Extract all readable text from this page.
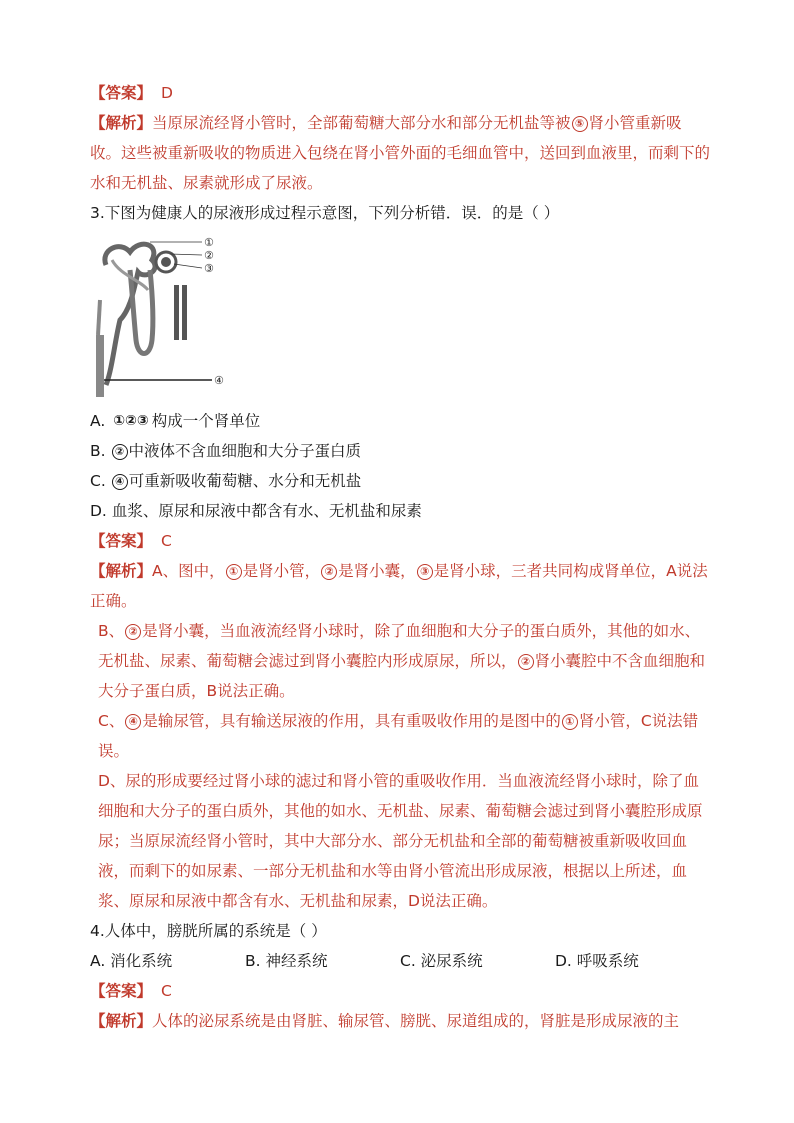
【答案】 D

【解析】当原尿流经肾小管时，全部葡萄糖大部分水和部分无机盐等被 ⑤ 肾小管重新吸收。这些被重新吸收的物质进入包绕在肾小管外面的毛细血管中，送回到血液里，而剩下的水和无机盐、尿素就形成了尿液。

3.下图为健康人的尿液形成过程示意图，下列分析错．误．的是（ ）

①
②
③
④

A. ①②③ 构成一个肾单位

B. ② 中液体不含血细胞和大分子蛋白质

C. ④ 可重新吸收葡萄糖、水分和无机盐

D. 血浆、原尿和尿液中都含有水、无机盐和尿素

【答案】 C

【解析】A、图中， ① 是肾小管， ② 是肾小囊， ③ 是肾小球，三者共同构成肾单位，A说法正确。

B、 ② 是肾小囊，当血液流经肾小球时，除了血细胞和大分子的蛋白质外，其他的如水、无机盐、尿素、葡萄糖会滤过到肾小囊腔内形成原尿，所以， ② 肾小囊腔中不含血细胞和大分子蛋白质，B说法正确。

C、 ④ 是输尿管，具有输送尿液的作用，具有重吸收作用的是图中的 ① 肾小管，C说法错误。

D、尿的形成要经过肾小球的滤过和肾小管的重吸收作用．当血液流经肾小球时，除了血细胞和大分子的蛋白质外，其他的如水、无机盐、尿素、葡萄糖会滤过到肾小囊腔形成原尿；当原尿流经肾小管时，其中大部分水、部分无机盐和全部的葡萄糖被重新吸收回血液，而剩下的如尿素、一部分无机盐和水等由肾小管流出形成尿液，根据以上所述，血浆、原尿和尿液中都含有水、无机盐和尿素，D说法正确。

4.人体中，膀胱所属的系统是（ ）

A. 消化系统	B. 神经系统	C. 泌尿系统	D. 呼吸系统

【答案】 C

【解析】人体的泌尿系统是由肾脏、输尿管、膀胱、尿道组成的，肾脏是形成尿液的主
